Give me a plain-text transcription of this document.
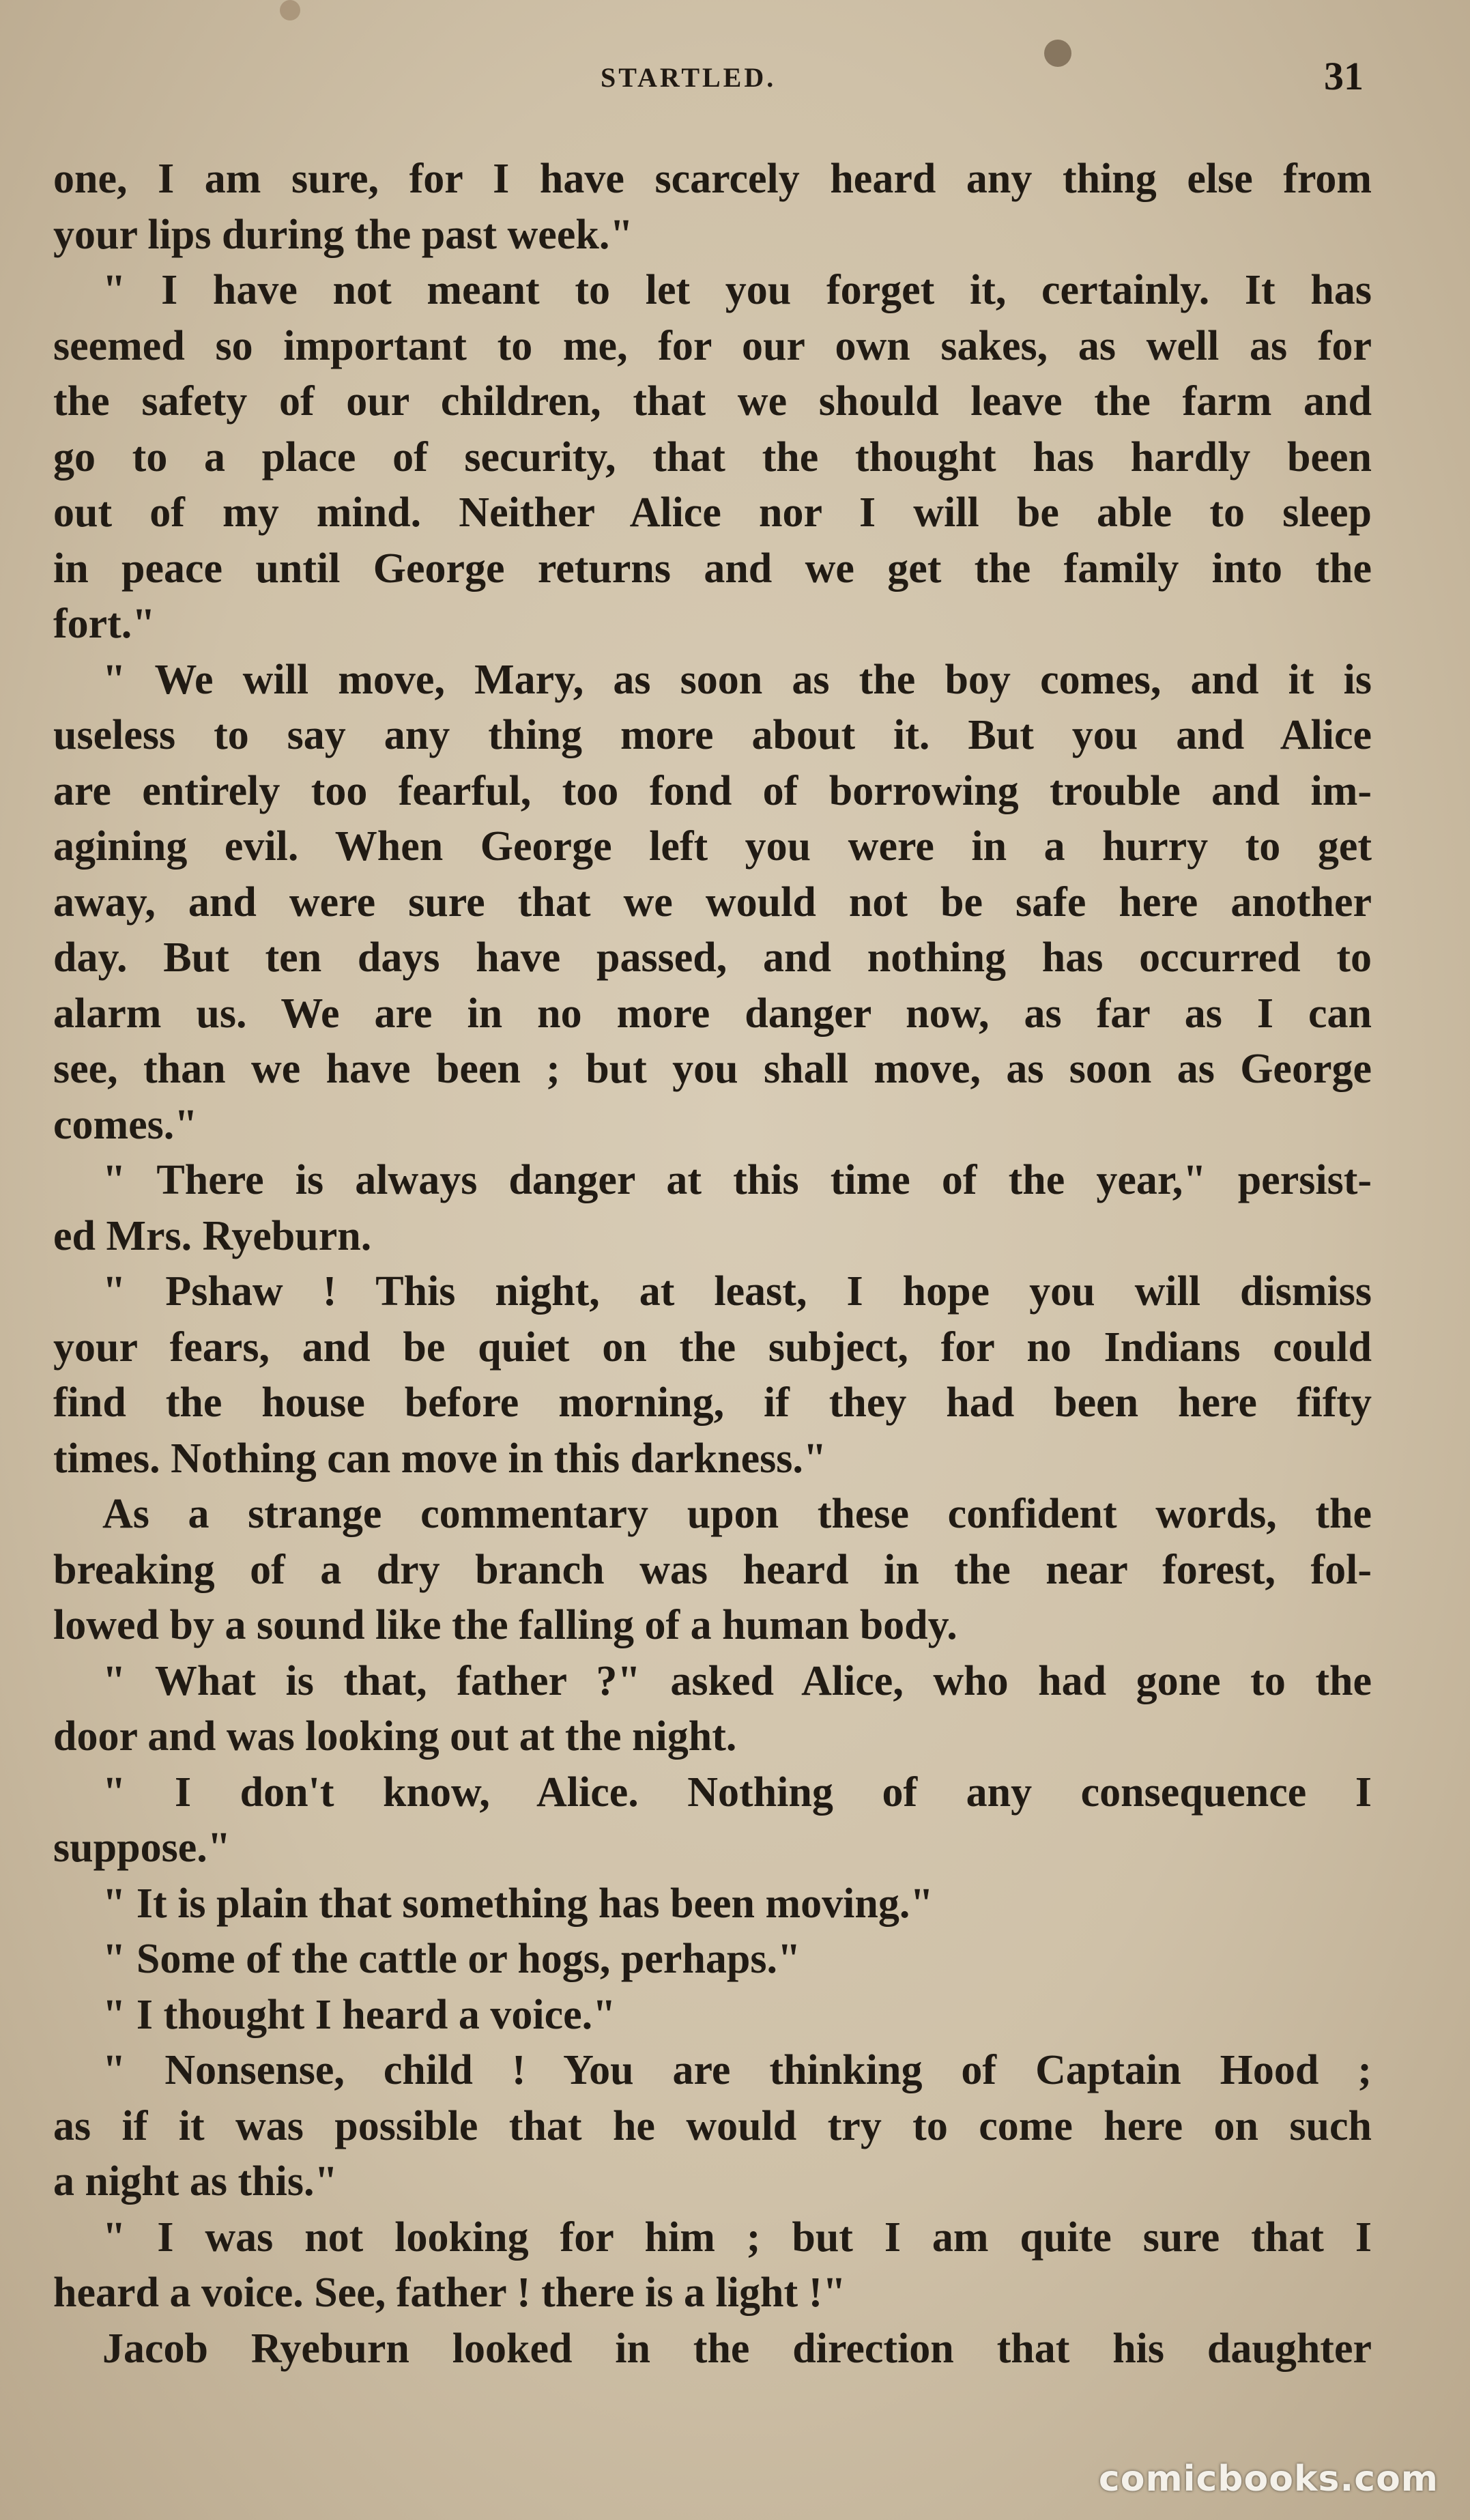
STARTLED.	31
one, I am sure, for I have scarcely heard any thing else from
your lips during the past week."
" I have not meant to let you forget it, certainly. It has
seemed so important to me, for our own sakes, as well as for
the safety of our children, that we should leave the farm and
go to a place of security, that the thought has hardly been
out of my mind. Neither Alice nor I will be able to sleep
in peace until George returns and we get the family into the
fort."
" We will move, Mary, as soon as the boy comes, and it is
useless to say any thing more about it. But you and Alice
are entirely too fearful, too fond of borrowing trouble and im-
agining evil. When George left you were in a hurry to get
away, and were sure that we would not be safe here another
day. But ten days have passed, and nothing has occurred to
alarm us. We are in no more danger now, as far as I can
see, than we have been ; but you shall move, as soon as George
comes."
" There is always danger at this time of the year," persist-
ed Mrs. Ryeburn.
" Pshaw ! This night, at least, I hope you will dismiss
your fears, and be quiet on the subject, for no Indians could
find the house before morning, if they had been here fifty
times. Nothing can move in this darkness."
As a strange commentary upon these confident words, the
breaking of a dry branch was heard in the near forest, fol-
lowed by a sound like the falling of a human body.
" What is that, father ?" asked Alice, who had gone to the
door and was looking out at the night.
" I don't know, Alice. Nothing of any consequence I
suppose."
" It is plain that something has been moving."
" Some of the cattle or hogs, perhaps."
" I thought I heard a voice."
" Nonsense, child ! You are thinking of Captain Hood ;
as if it was possible that he would try to come here on such
a night as this."
" I was not looking for him ; but I am quite sure that I
heard a voice. See, father ! there is a light !"
Jacob Ryeburn looked in the direction that his daughter
comicbooks.com
